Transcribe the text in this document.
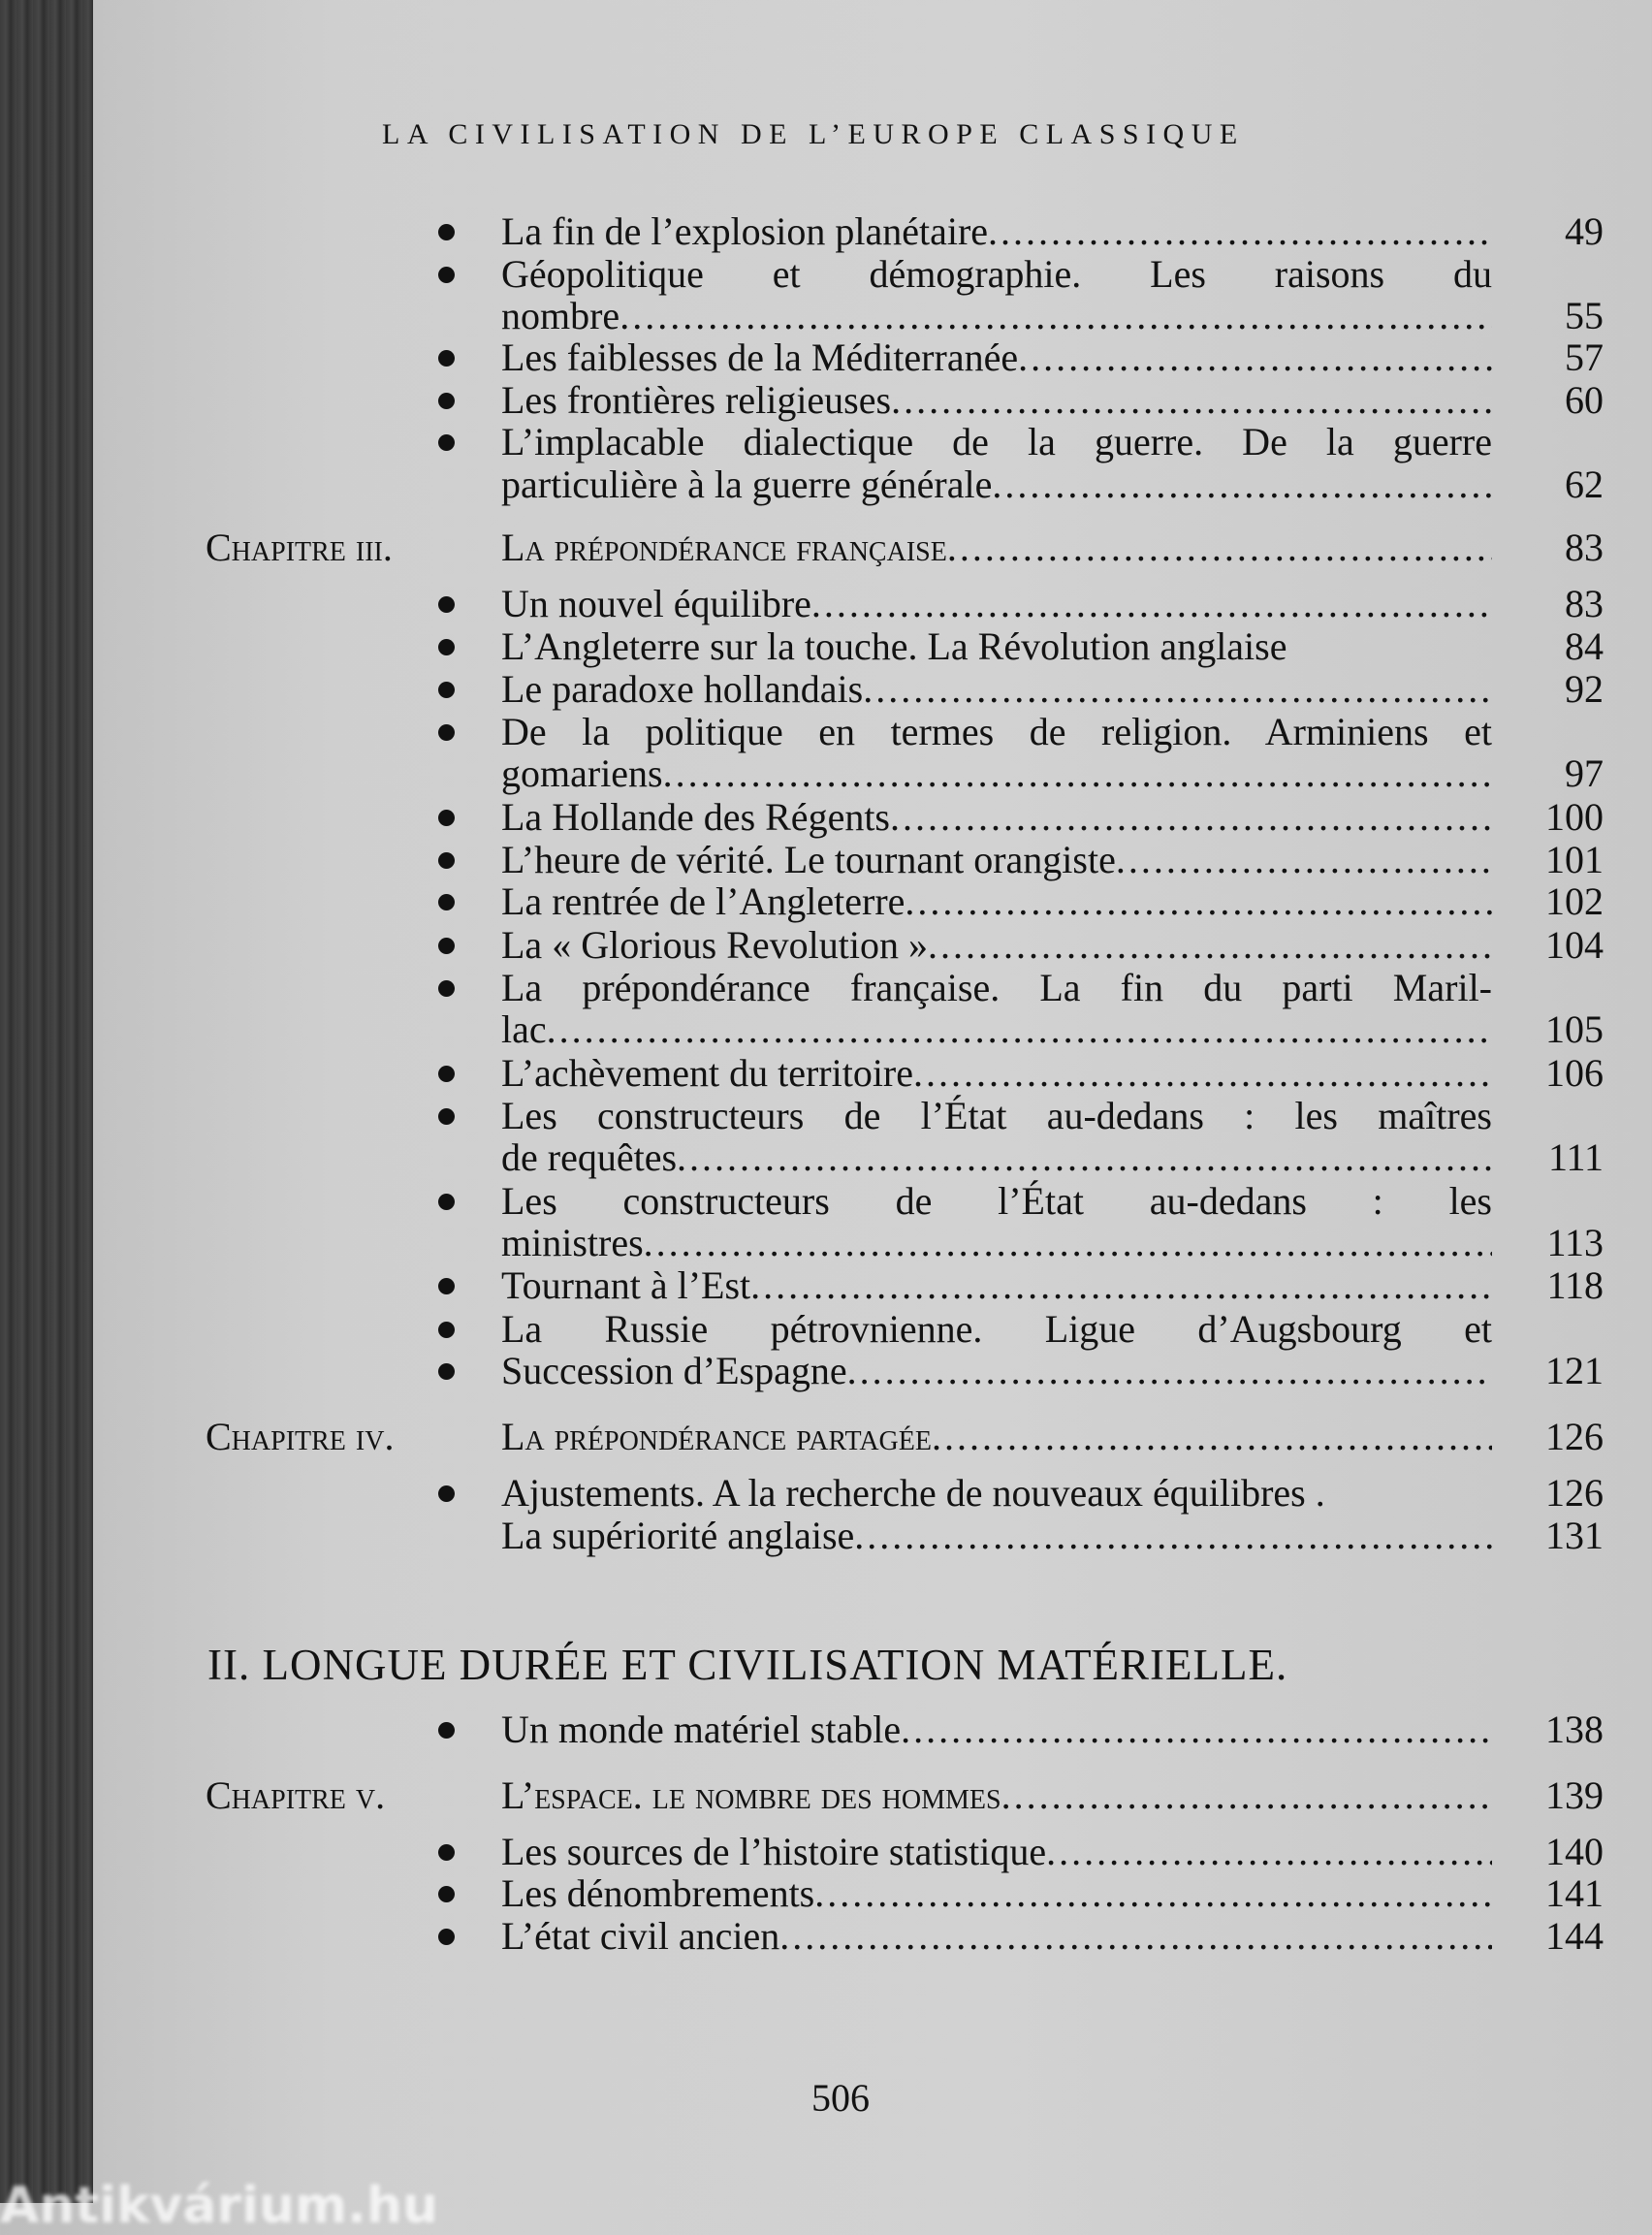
LA CIVILISATION DE L’EUROPE CLASSIQUE
La fin de l’explosion planétaire .....	49
Géopolitique et démographie. Les raisons du
nombre .....	55
Les faiblesses de la Méditerranée .....	57
Les frontières religieuses .....	60
L’implacable dialectique de la guerre. De la guerre
particulière à la guerre générale .....	62
Chapitre iii.	La prépondérance française .....	83
Un nouvel équilibre .....	83
L’Angleterre sur la touche. La Révolution anglaise	84
Le paradoxe hollandais .....	92
De la politique en termes de religion. Arminiens et
gomariens .....	97
La Hollande des Régents .....	100
L’heure de vérité. Le tournant orangiste .....	101
La rentrée de l’Angleterre .....	102
La « Glorious Revolution » .....	104
La prépondérance française. La fin du parti Maril-
lac .....	105
L’achèvement du territoire .....	106
Les constructeurs de l’État au-dedans : les maîtres
de requêtes .....	111
Les constructeurs de l’État au-dedans : les
ministres .....	113
Tournant à l’Est .....	118
La Russie pétrovnienne. Ligue d’Augsbourg et
Succession d’Espagne .....	121
Chapitre iv.	La prépondérance partagée .....	126
Ajustements. A la recherche de nouveaux équilibres .	126
La supériorité anglaise .....	131
II. LONGUE DURÉE ET CIVILISATION MATÉRIELLE.
Un monde matériel stable .....	138
Chapitre v.	L’espace. le nombre des hommes .....	139
Les sources de l’histoire statistique .....	140
Les dénombrements .....	141
L’état civil ancien .....	144
506
Antikvárium.hu
